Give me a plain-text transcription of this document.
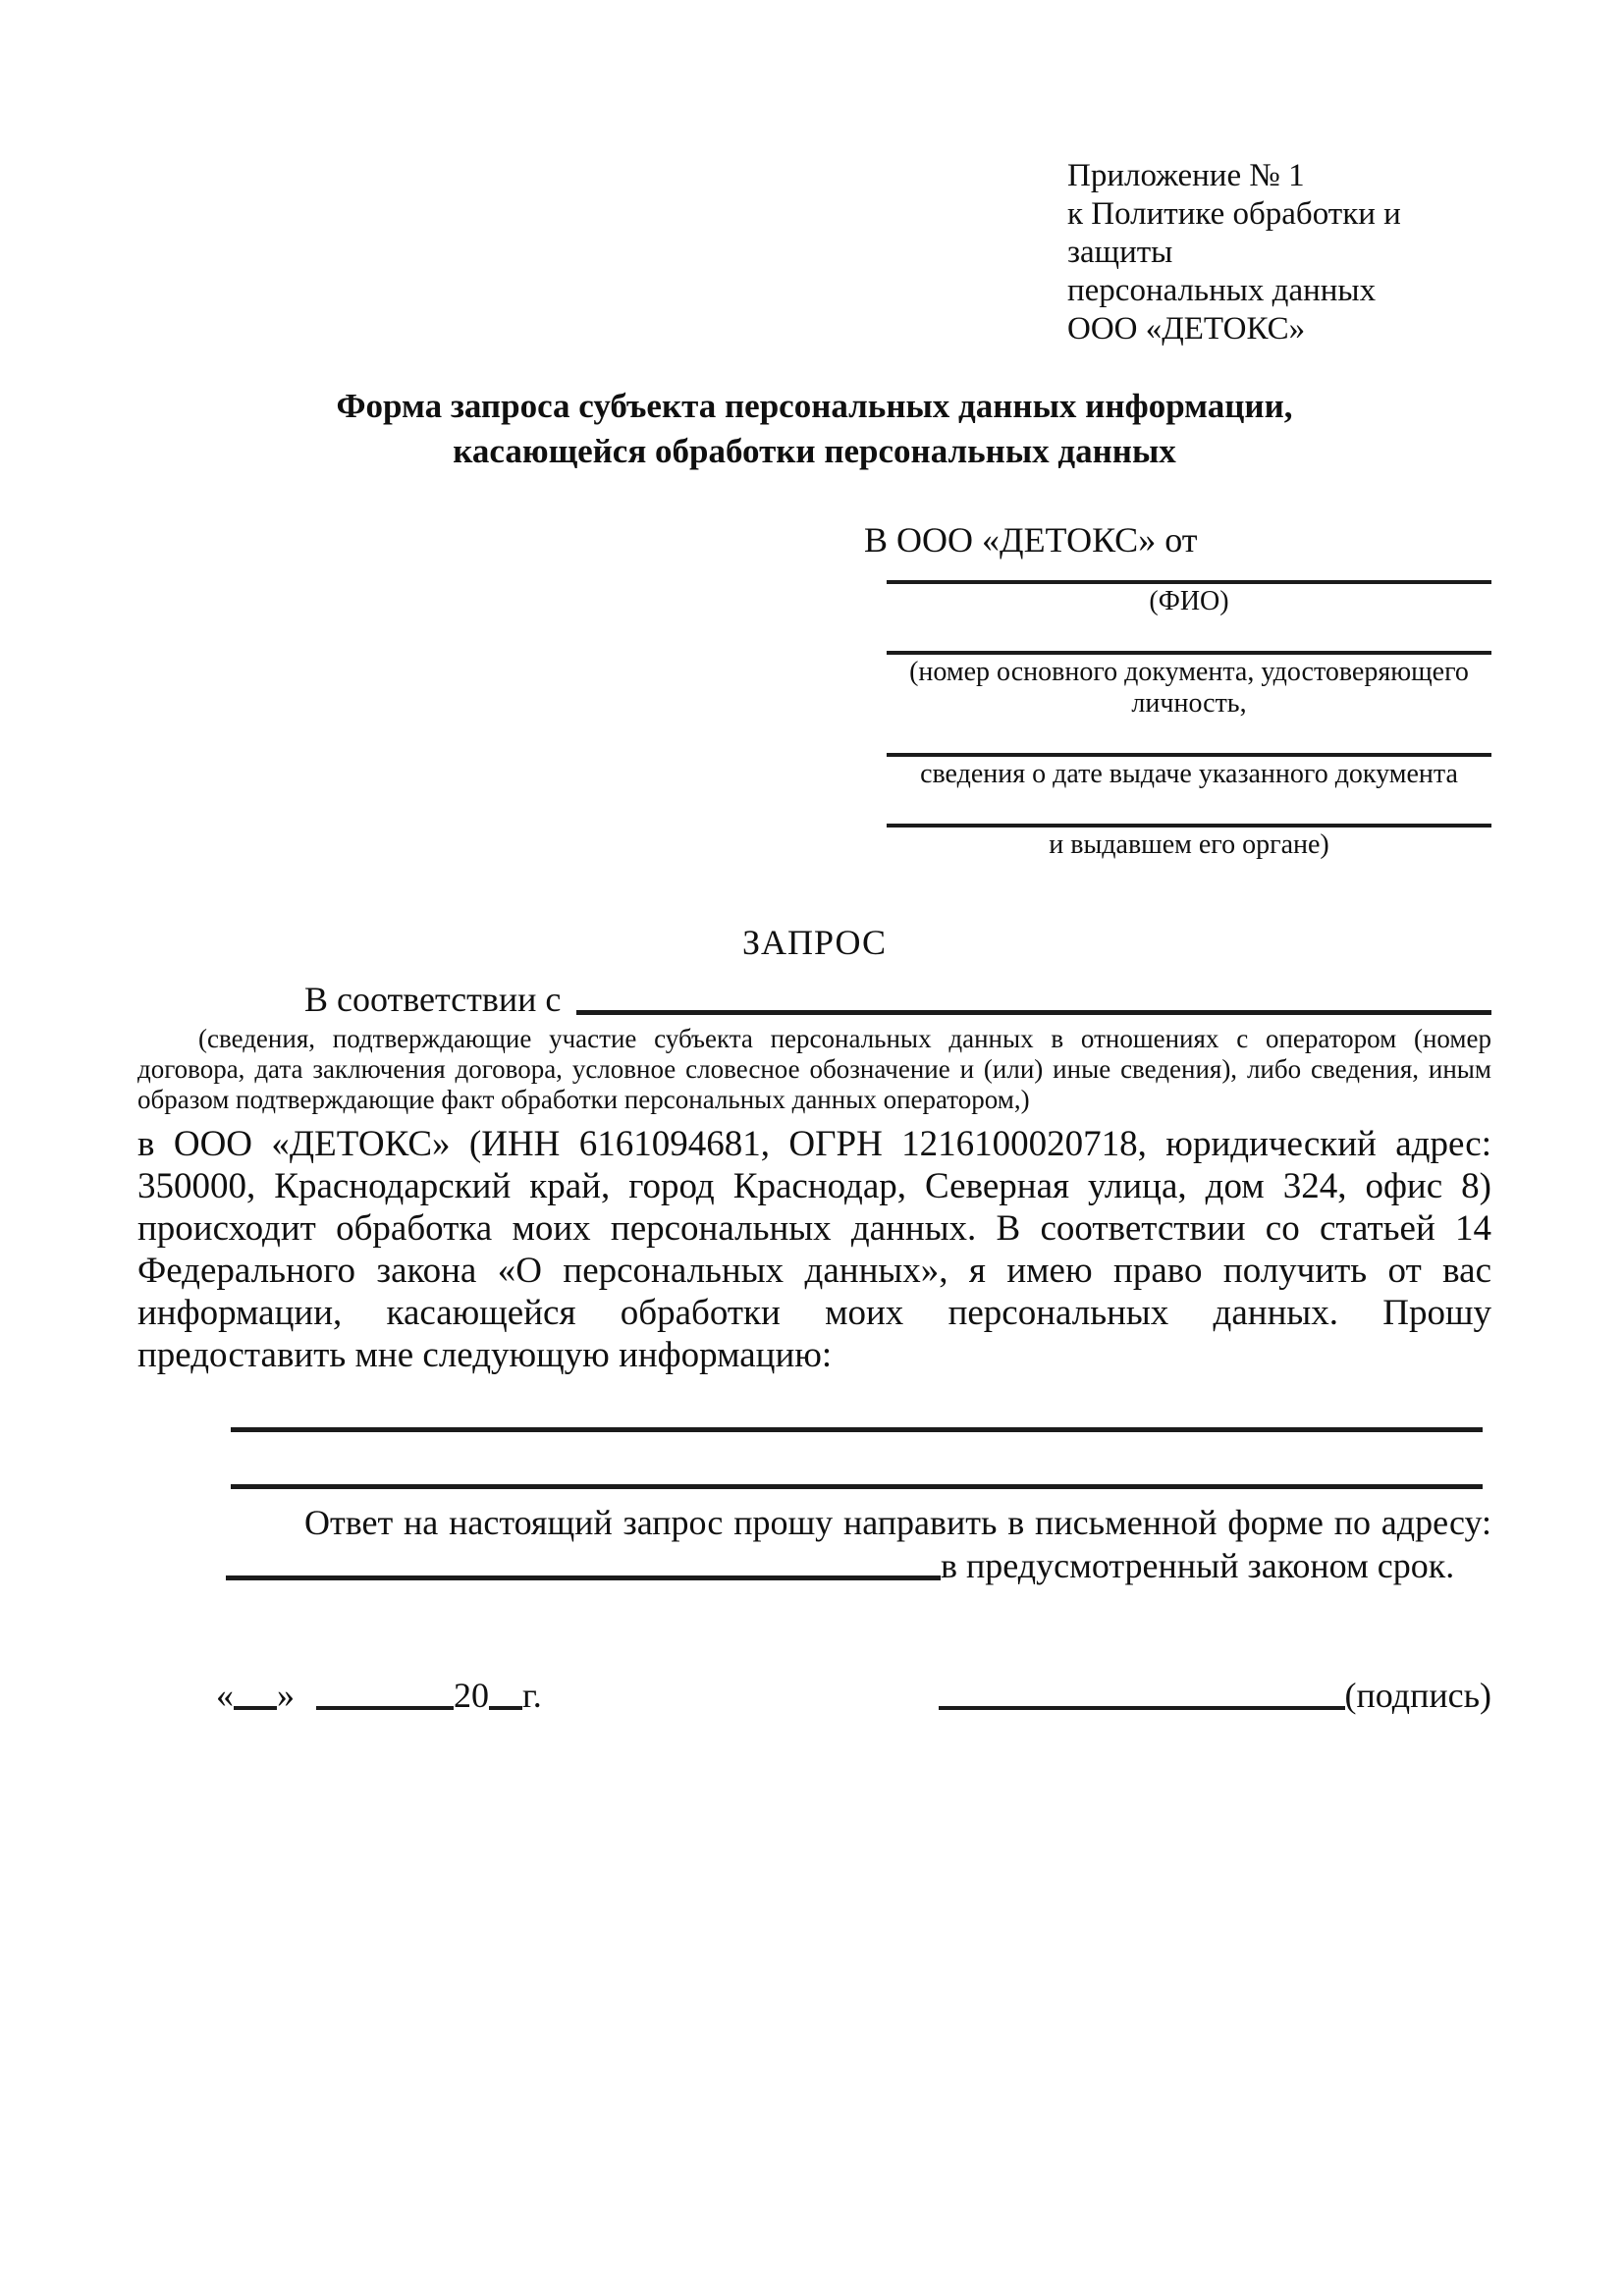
Приложение № 1
к Политике обработки и защиты
персональных данных
ООО «ДЕТОКС»
Форма запроса субъекта персональных данных информации,
касающейся обработки персональных данных
В ООО «ДЕТОКС» от
(ФИО)
(номер основного документа, удостоверяющего личность,
сведения о дате выдаче указанного документа
и выдавшем его органе)
ЗАПРОС
В соответствии с
(сведения, подтверждающие участие субъекта персональных данных в отношениях с оператором (номер договора, дата заключения договора, условное словесное обозначение и (или) иные сведения), либо сведения, иным образом подтверждающие факт обработки персональных данных оператором,)
в ООО «ДЕТОКС» (ИНН 6161094681, ОГРН 1216100020718, юридический адрес: 350000, Краснодарский край, город Краснодар, Северная улица, дом 324, офис 8) происходит обработка моих персональных данных. В соответствии со статьей 14 Федерального закона «О персональных данных», я имею право получить от вас информации, касающейся обработки моих персональных данных. Прошу предоставить мне следующую информацию:
Ответ на настоящий запрос прошу направить в письменной форме по адресу:
в предусмотренный законом срок.
« »	20 г.	(подпись)
